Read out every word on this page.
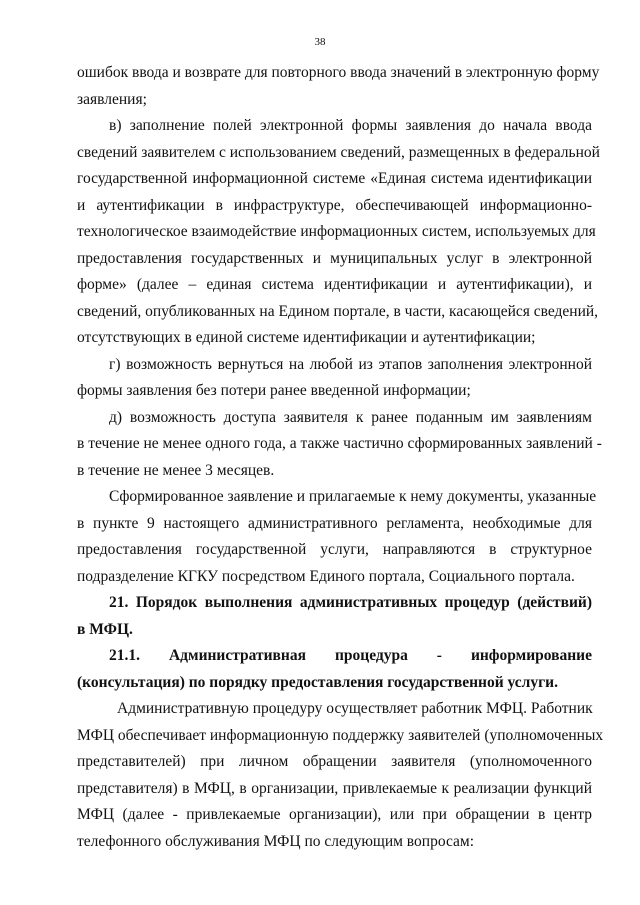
38
ошибок ввода и возврате для повторного ввода значений в электронную форму
заявления;
в) заполнение полей электронной формы заявления до начала ввода
сведений заявителем с использованием сведений, размещенных в федеральной
государственной информационной системе «Единая система идентификации
и аутентификации в инфраструктуре, обеспечивающей информационно-
технологическое взаимодействие информационных систем, используемых для
предоставления государственных и муниципальных услуг в электронной
форме» (далее – единая система идентификации и аутентификации), и
сведений, опубликованных на Едином портале, в части, касающейся сведений,
отсутствующих в единой системе идентификации и аутентификации;
г) возможность вернуться на любой из этапов заполнения электронной
формы заявления без потери ранее введенной информации;
д) возможность доступа заявителя к ранее поданным им заявлениям
в течение не менее одного года, а также частично сформированных заявлений -
в течение не менее 3 месяцев.
Сформированное заявление и прилагаемые к нему документы, указанные
в пункте 9 настоящего административного регламента, необходимые для
предоставления государственной услуги, направляются в структурное
подразделение КГКУ посредством Единого портала, Социального портала.
21. Порядок выполнения административных процедур (действий)
в МФЦ.
21.1. Административная процедура - информирование
(консультация) по порядку предоставления государственной услуги.
Административную процедуру осуществляет работник МФЦ. Работник
МФЦ обеспечивает информационную поддержку заявителей (уполномоченных
представителей) при личном обращении заявителя (уполномоченного
представителя) в МФЦ, в организации, привлекаемые к реализации функций
МФЦ (далее - привлекаемые организации), или при обращении в центр
телефонного обслуживания МФЦ по следующим вопросам:
